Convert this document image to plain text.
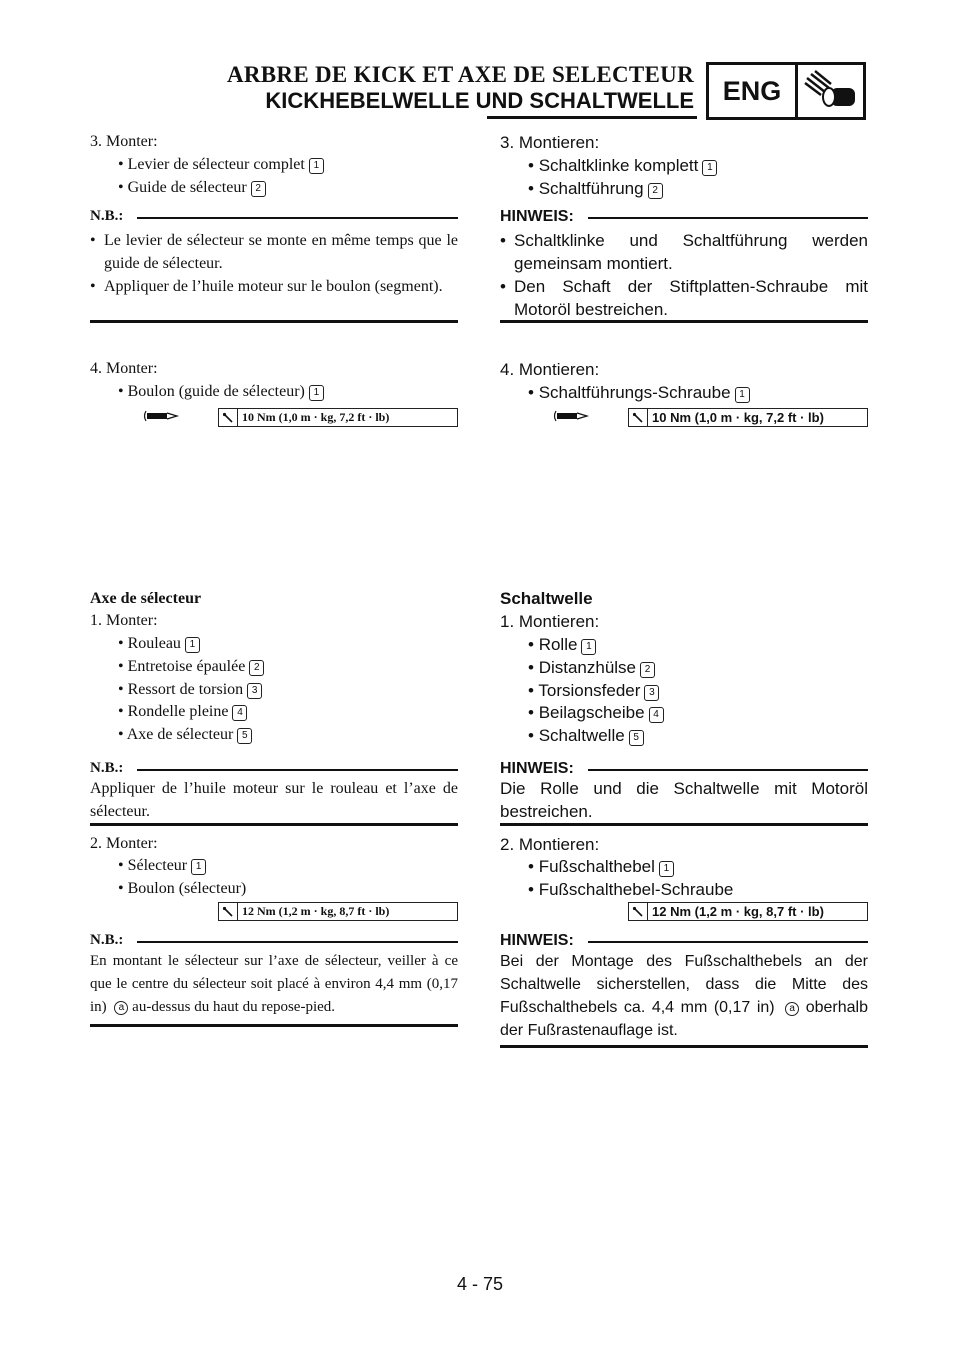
ARBRE DE KICK ET AXE DE SELECTEUR
KICKHEBELWELLE UND SCHALTWELLE	ENG
3. Monter:
• Levier de sélecteur complet 1
• Guide de sélecteur 2
N.B.:
• Le levier de sélecteur se monte en même temps que le guide de sélecteur.
• Appliquer de l’huile moteur sur le boulon (segment).
4. Monter:
• Boulon (guide de sélecteur) 1
10 Nm (1,0 m · kg, 7,2 ft · lb)
Axe de sélecteur
1. Monter:
• Rouleau 1
• Entretoise épaulée 2
• Ressort de torsion 3
• Rondelle pleine 4
• Axe de sélecteur 5
N.B.:
Appliquer de l’huile moteur sur le rouleau et l’axe de sélecteur.
2. Monter:
• Sélecteur 1
• Boulon (sélecteur)
12 Nm (1,2 m · kg, 8,7 ft · lb)
N.B.:
En montant le sélecteur sur l’axe de sélecteur, veiller à ce que le centre du sélecteur soit placé à environ 4,4 mm (0,17 in) a au-dessus du haut du repose-pied.
3. Montieren:
• Schaltklinke komplett 1
• Schaltführung 2
HINWEIS:
• Schaltklinke und Schaltführung werden gemeinsam montiert.
• Den Schaft der Stiftplatten-Schraube mit Motoröl bestreichen.
4. Montieren:
• Schaltführungs-Schraube 1
10 Nm (1,0 m · kg, 7,2 ft · lb)
Schaltwelle
1. Montieren:
• Rolle 1
• Distanzhülse 2
• Torsionsfeder 3
• Beilagscheibe 4
• Schaltwelle 5
HINWEIS:
Die Rolle und die Schaltwelle mit Motoröl bestreichen.
2. Montieren:
• Fußschalthebel 1
• Fußschalthebel-Schraube
12 Nm (1,2 m · kg, 8,7 ft · lb)
HINWEIS:
Bei der Montage des Fußschalthebels an der Schaltwelle sicherstellen, dass die Mitte des Fußschalthebels ca. 4,4 mm (0,17 in) a oberhalb der Fußrastenauflage ist.
4 - 75
